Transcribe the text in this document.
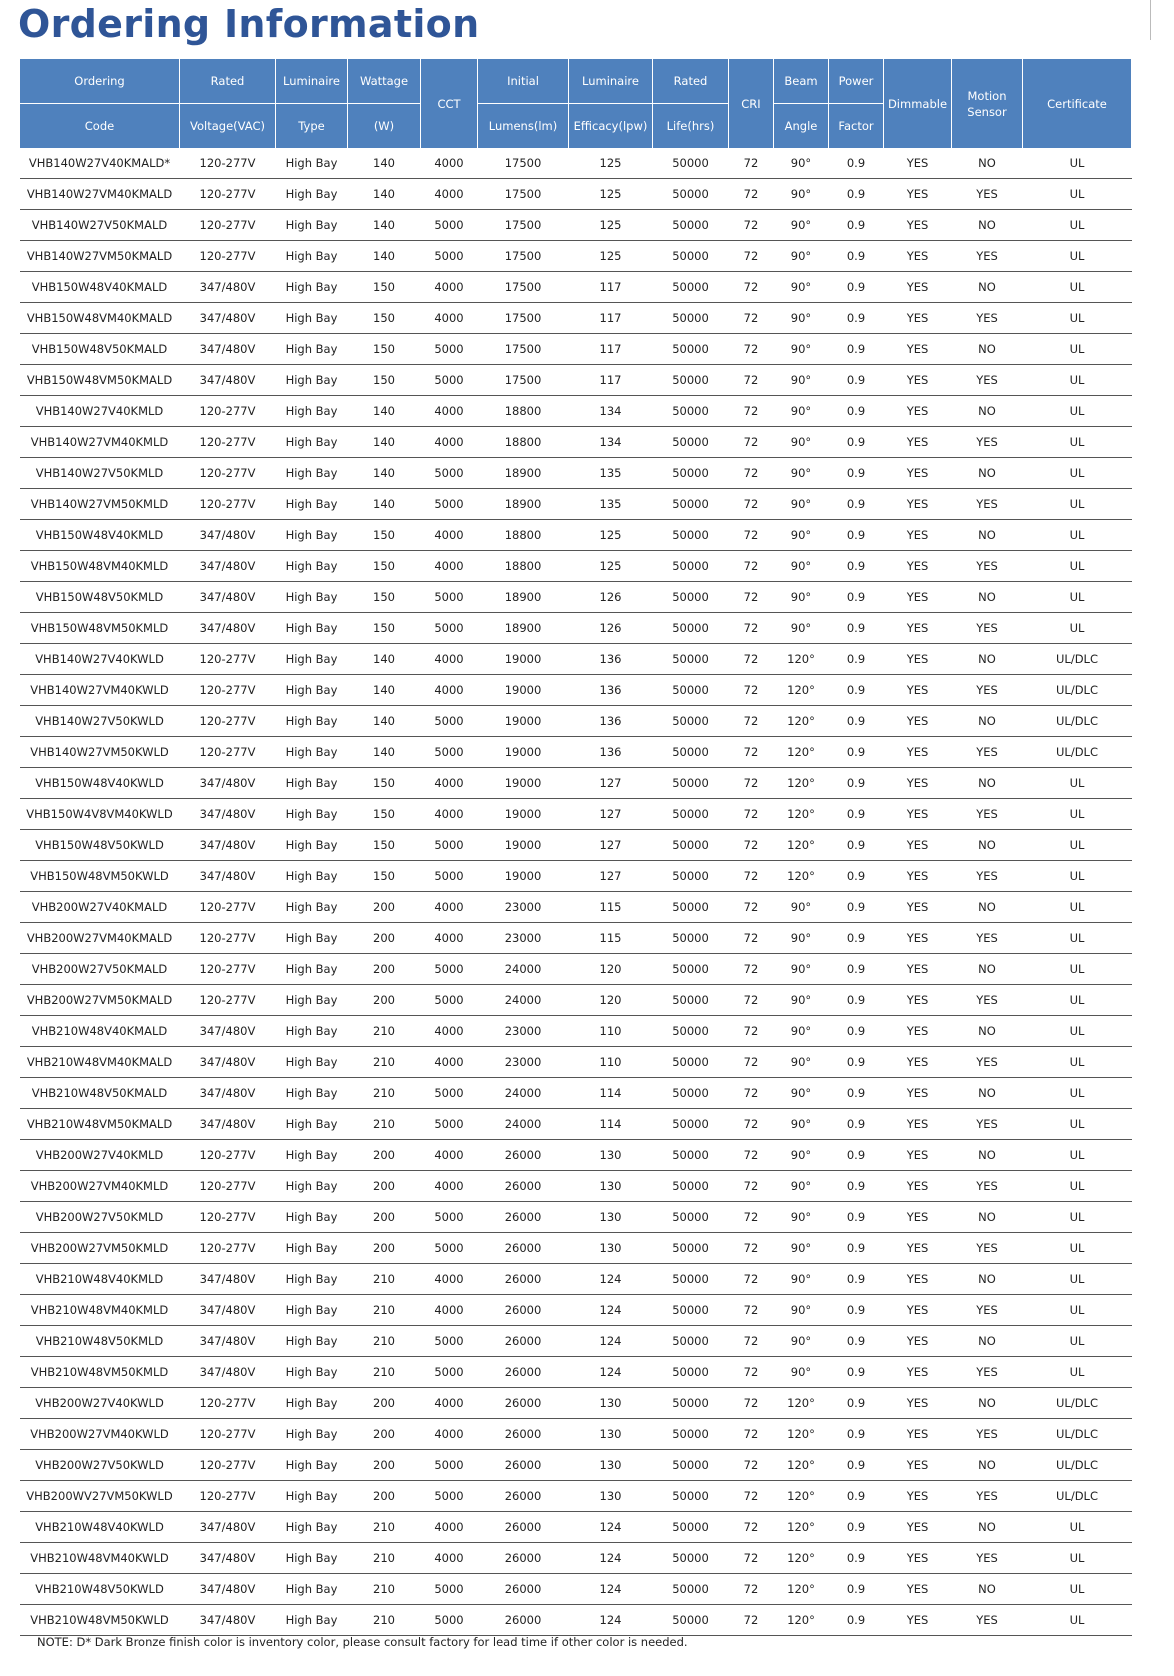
Ordering Information
Ordering	Rated	Luminaire	Wattage	CCT	Initial	Luminaire	Rated	CRI	Beam	Power	Dimmable	Motion Sensor	Certificate
Code	Voltage(VAC)	Type	(W)		Lumens(lm)	Efficacy(lpw)	Life(hrs)		Angle	Factor			
VHB140W27V40KMALD*	120-277V	High Bay	140	4000	17500	125	50000	72	90°	0.9	YES	NO	UL
VHB140W27VM40KMALD	120-277V	High Bay	140	4000	17500	125	50000	72	90°	0.9	YES	YES	UL
VHB140W27V50KMALD	120-277V	High Bay	140	5000	17500	125	50000	72	90°	0.9	YES	NO	UL
VHB140W27VM50KMALD	120-277V	High Bay	140	5000	17500	125	50000	72	90°	0.9	YES	YES	UL
VHB150W48V40KMALD	347/480V	High Bay	150	4000	17500	117	50000	72	90°	0.9	YES	NO	UL
VHB150W48VM40KMALD	347/480V	High Bay	150	4000	17500	117	50000	72	90°	0.9	YES	YES	UL
VHB150W48V50KMALD	347/480V	High Bay	150	5000	17500	117	50000	72	90°	0.9	YES	NO	UL
VHB150W48VM50KMALD	347/480V	High Bay	150	5000	17500	117	50000	72	90°	0.9	YES	YES	UL
VHB140W27V40KMLD	120-277V	High Bay	140	4000	18800	134	50000	72	90°	0.9	YES	NO	UL
VHB140W27VM40KMLD	120-277V	High Bay	140	4000	18800	134	50000	72	90°	0.9	YES	YES	UL
VHB140W27V50KMLD	120-277V	High Bay	140	5000	18900	135	50000	72	90°	0.9	YES	NO	UL
VHB140W27VM50KMLD	120-277V	High Bay	140	5000	18900	135	50000	72	90°	0.9	YES	YES	UL
VHB150W48V40KMLD	347/480V	High Bay	150	4000	18800	125	50000	72	90°	0.9	YES	NO	UL
VHB150W48VM40KMLD	347/480V	High Bay	150	4000	18800	125	50000	72	90°	0.9	YES	YES	UL
VHB150W48V50KMLD	347/480V	High Bay	150	5000	18900	126	50000	72	90°	0.9	YES	NO	UL
VHB150W48VM50KMLD	347/480V	High Bay	150	5000	18900	126	50000	72	90°	0.9	YES	YES	UL
VHB140W27V40KWLD	120-277V	High Bay	140	4000	19000	136	50000	72	120°	0.9	YES	NO	UL/DLC
VHB140W27VM40KWLD	120-277V	High Bay	140	4000	19000	136	50000	72	120°	0.9	YES	YES	UL/DLC
VHB140W27V50KWLD	120-277V	High Bay	140	5000	19000	136	50000	72	120°	0.9	YES	NO	UL/DLC
VHB140W27VM50KWLD	120-277V	High Bay	140	5000	19000	136	50000	72	120°	0.9	YES	YES	UL/DLC
VHB150W48V40KWLD	347/480V	High Bay	150	4000	19000	127	50000	72	120°	0.9	YES	NO	UL
VHB150W4V8VM40KWLD	347/480V	High Bay	150	4000	19000	127	50000	72	120°	0.9	YES	YES	UL
VHB150W48V50KWLD	347/480V	High Bay	150	5000	19000	127	50000	72	120°	0.9	YES	NO	UL
VHB150W48VM50KWLD	347/480V	High Bay	150	5000	19000	127	50000	72	120°	0.9	YES	YES	UL
VHB200W27V40KMALD	120-277V	High Bay	200	4000	23000	115	50000	72	90°	0.9	YES	NO	UL
VHB200W27VM40KMALD	120-277V	High Bay	200	4000	23000	115	50000	72	90°	0.9	YES	YES	UL
VHB200W27V50KMALD	120-277V	High Bay	200	5000	24000	120	50000	72	90°	0.9	YES	NO	UL
VHB200W27VM50KMALD	120-277V	High Bay	200	5000	24000	120	50000	72	90°	0.9	YES	YES	UL
VHB210W48V40KMALD	347/480V	High Bay	210	4000	23000	110	50000	72	90°	0.9	YES	NO	UL
VHB210W48VM40KMALD	347/480V	High Bay	210	4000	23000	110	50000	72	90°	0.9	YES	YES	UL
VHB210W48V50KMALD	347/480V	High Bay	210	5000	24000	114	50000	72	90°	0.9	YES	NO	UL
VHB210W48VM50KMALD	347/480V	High Bay	210	5000	24000	114	50000	72	90°	0.9	YES	YES	UL
VHB200W27V40KMLD	120-277V	High Bay	200	4000	26000	130	50000	72	90°	0.9	YES	NO	UL
VHB200W27VM40KMLD	120-277V	High Bay	200	4000	26000	130	50000	72	90°	0.9	YES	YES	UL
VHB200W27V50KMLD	120-277V	High Bay	200	5000	26000	130	50000	72	90°	0.9	YES	NO	UL
VHB200W27VM50KMLD	120-277V	High Bay	200	5000	26000	130	50000	72	90°	0.9	YES	YES	UL
VHB210W48V40KMLD	347/480V	High Bay	210	4000	26000	124	50000	72	90°	0.9	YES	NO	UL
VHB210W48VM40KMLD	347/480V	High Bay	210	4000	26000	124	50000	72	90°	0.9	YES	YES	UL
VHB210W48V50KMLD	347/480V	High Bay	210	5000	26000	124	50000	72	90°	0.9	YES	NO	UL
VHB210W48VM50KMLD	347/480V	High Bay	210	5000	26000	124	50000	72	90°	0.9	YES	YES	UL
VHB200W27V40KWLD	120-277V	High Bay	200	4000	26000	130	50000	72	120°	0.9	YES	NO	UL/DLC
VHB200W27VM40KWLD	120-277V	High Bay	200	4000	26000	130	50000	72	120°	0.9	YES	YES	UL/DLC
VHB200W27V50KWLD	120-277V	High Bay	200	5000	26000	130	50000	72	120°	0.9	YES	NO	UL/DLC
VHB200WV27VM50KWLD	120-277V	High Bay	200	5000	26000	130	50000	72	120°	0.9	YES	YES	UL/DLC
VHB210W48V40KWLD	347/480V	High Bay	210	4000	26000	124	50000	72	120°	0.9	YES	NO	UL
VHB210W48VM40KWLD	347/480V	High Bay	210	4000	26000	124	50000	72	120°	0.9	YES	YES	UL
VHB210W48V50KWLD	347/480V	High Bay	210	5000	26000	124	50000	72	120°	0.9	YES	NO	UL
VHB210W48VM50KWLD	347/480V	High Bay	210	5000	26000	124	50000	72	120°	0.9	YES	YES	UL

NOTE: D* Dark Bronze finish color is inventory color, please consult factory for lead time if other color is needed.
